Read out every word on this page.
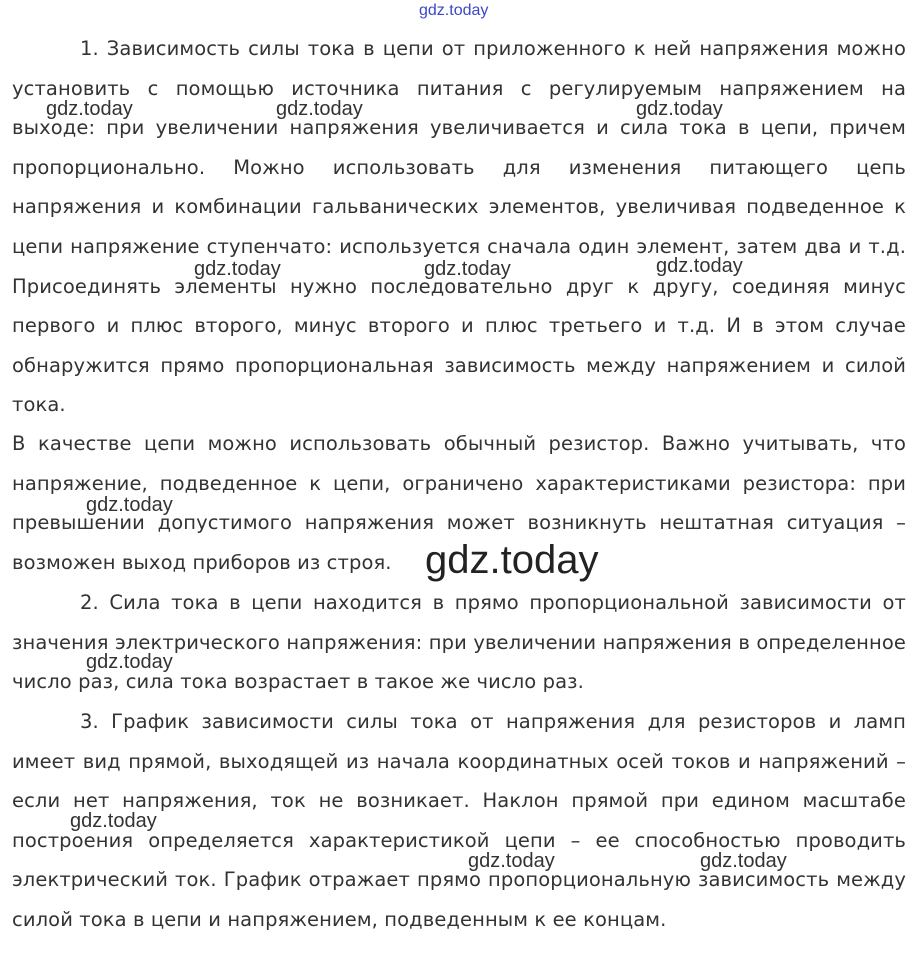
1. Зависимость силы тока в цепи от приложенного к ней напряжения можно установить с помощью источника питания с регулируемым напряжением на выходе: при увеличении напряжения увеличивается и сила тока в цепи, причем пропорционально. Можно использовать для изменения питающего цепь напряжения и комбинации гальванических элементов, увеличивая подведенное к цепи напряжение ступенчато: используется сначала один элемент, затем два и т.д. Присоединять элементы нужно последовательно друг к другу, соединяя минус первого и плюс второго, минус второго и плюс третьего и т.д. И в этом случае обнаружится прямо пропорциональная зависимость между напряжением и силой тока.

В качестве цепи можно использовать обычный резистор. Важно учитывать, что напряжение, подведенное к цепи, ограничено характеристиками резистора: при превышении допустимого напряжения может возникнуть нештатная ситуация – возможен выход приборов из строя.

2. Сила тока в цепи находится в прямо пропорциональной зависимости от значения электрического напряжения: при увеличении напряжения в определенное число раз, сила тока возрастает в такое же число раз.

3. График зависимости силы тока от напряжения для резисторов и ламп имеет вид прямой, выходящей из начала координатных осей токов и напряжений – если нет напряжения, ток не возникает. Наклон прямой при едином масштабе построения определяется характеристикой цепи – ее способностью проводить электрический ток. График отражает прямо пропорциональную зависимость между силой тока в цепи и напряжением, подведенным к ее концам.

gdz.today
gdz.today	gdz.today	gdz.today
gdz.today	gdz.today	gdz.today
gdz.today
gdz.today
gdz.today
gdz.today
gdz.today	gdz.today
